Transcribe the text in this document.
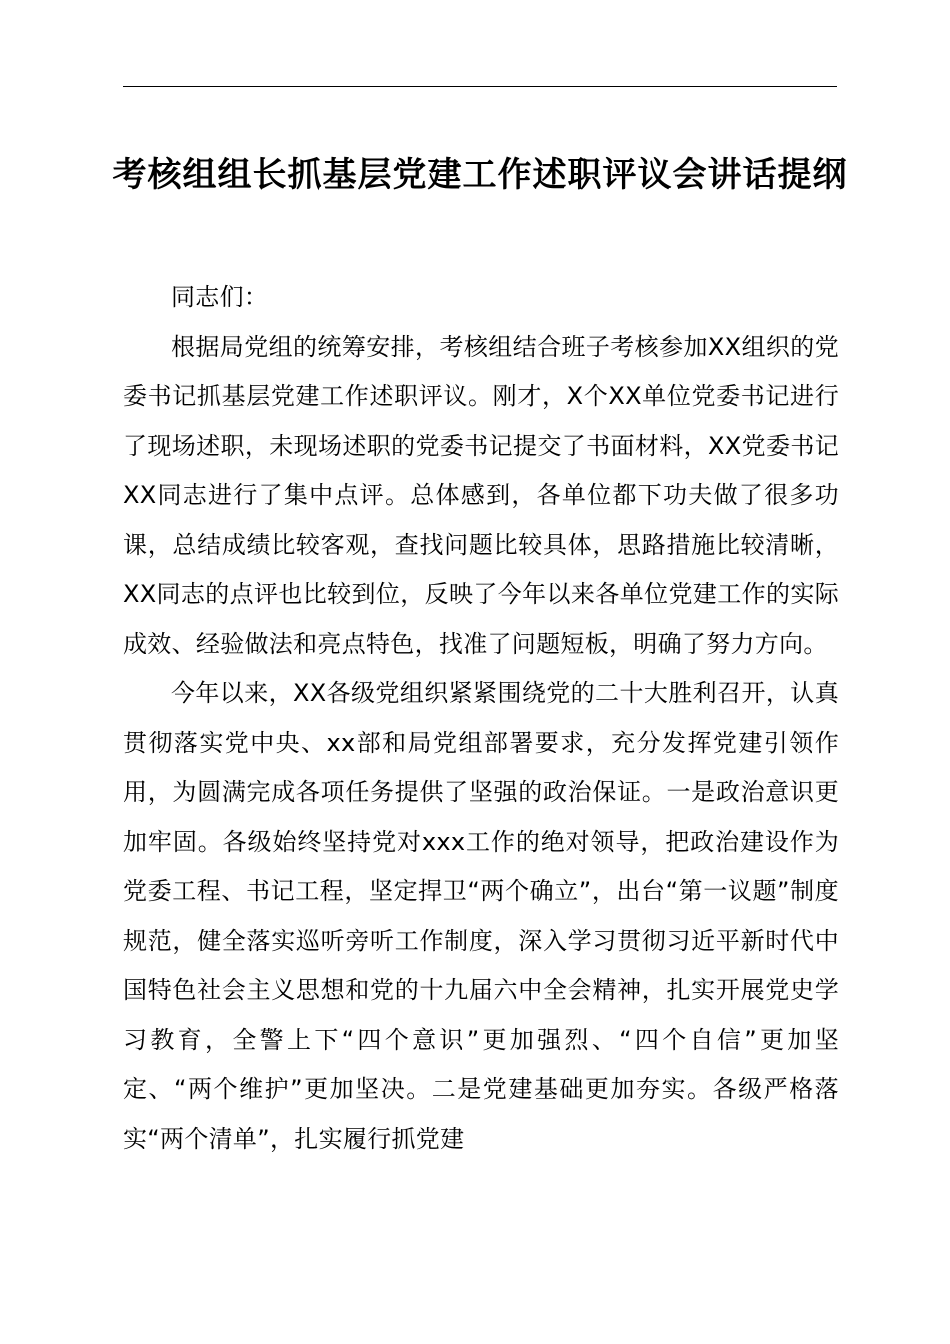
考核组组长抓基层党建工作述职评议会讲话提纲

同志们：

根据局党组的统筹安排，考核组结合班子考核参加XX组织的党委书记抓基层党建工作述职评议。刚才，X个XX单位党委书记进行了现场述职，未现场述职的党委书记提交了书面材料，XX党委书记XX同志进行了集中点评。总体感到，各单位都下功夫做了很多功课，总结成绩比较客观，查找问题比较具体，思路措施比较清晰，XX同志的点评也比较到位，反映了今年以来各单位党建工作的实际成效、经验做法和亮点特色，找准了问题短板，明确了努力方向。

今年以来，XX各级党组织紧紧围绕党的二十大胜利召开，认真贯彻落实党中央、xx部和局党组部署要求，充分发挥党建引领作用，为圆满完成各项任务提供了坚强的政治保证。一是政治意识更加牢固。各级始终坚持党对xxx工作的绝对领导，把政治建设作为党委工程、书记工程，坚定捍卫“两个确立”，出台“第一议题”制度规范，健全落实巡听旁听工作制度，深入学习贯彻习近平新时代中国特色社会主义思想和党的十九届六中全会精神，扎实开展党史学习教育，全警上下“四个意识”更加强烈、“四个自信”更加坚定、“两个维护”更加坚决。二是党建基础更加夯实。各级严格落实“两个清单”，扎实履行抓党建
